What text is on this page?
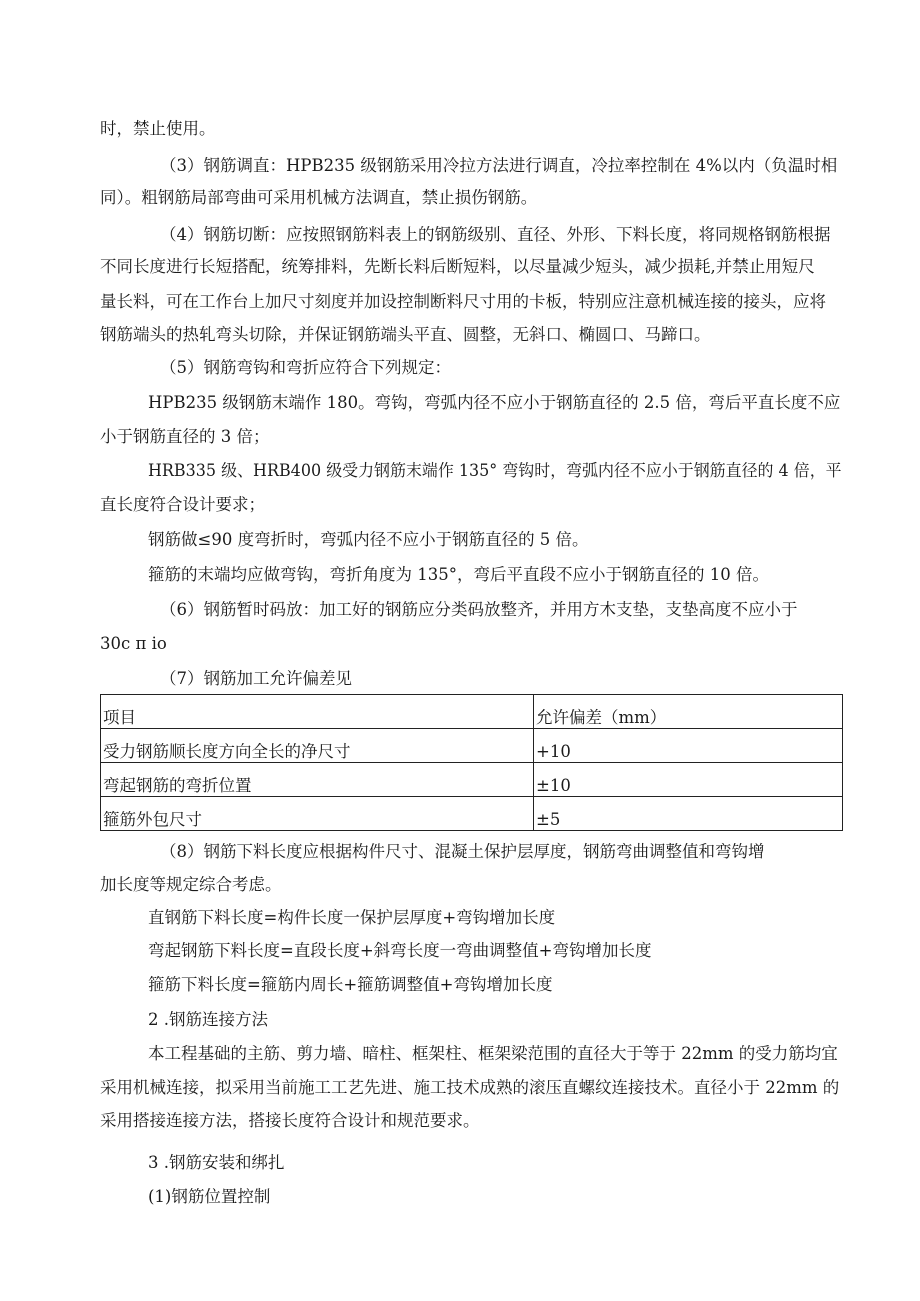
时，禁止使用。
（3）钢筋调直：HPB235 级钢筋采用冷拉方法进行调直，冷拉率控制在 4%以内（负温时相
同）。粗钢筋局部弯曲可采用机械方法调直，禁止损伤钢筋。
（4）钢筋切断：应按照钢筋料表上的钢筋级别、直径、外形、下料长度，将同规格钢筋根据
不同长度进行长短搭配，统筹排料，先断长料后断短料，以尽量减少短头，减少损耗,并禁止用短尺
量长料，可在工作台上加尺寸刻度并加设控制断料尺寸用的卡板，特别应注意机械连接的接头，应将
钢筋端头的热轧弯头切除，并保证钢筋端头平直、圆整，无斜口、椭圆口、马蹄口。
（5）钢筋弯钩和弯折应符合下列规定：
HPB235 级钢筋末端作 180。弯钩，弯弧内径不应小于钢筋直径的 2.5 倍，弯后平直长度不应
小于钢筋直径的 3 倍；
HRB335 级、HRB400 级受力钢筋末端作 135° 弯钩时，弯弧内径不应小于钢筋直径的 4 倍，平
直长度符合设计要求；
钢筋做≤90 度弯折时，弯弧内径不应小于钢筋直径的 5 倍。
箍筋的末端均应做弯钩，弯折角度为 135°，弯后平直段不应小于钢筋直径的 10 倍。
（6）钢筋暂时码放：加工好的钢筋应分类码放整齐，并用方木支垫，支垫高度不应小于
30c π io
（7）钢筋加工允许偏差见
项目	允许偏差（mm）
受力钢筋顺长度方向全长的净尺寸	+10
弯起钢筋的弯折位置	±10
箍筋外包尺寸	±5
（8）钢筋下料长度应根据构件尺寸、混凝土保护层厚度，钢筋弯曲调整值和弯钩增
加长度等规定综合考虑。
直钢筋下料长度=构件长度一保护层厚度+弯钩增加长度
弯起钢筋下料长度=直段长度+斜弯长度一弯曲调整值+弯钩增加长度
箍筋下料长度=箍筋内周长+箍筋调整值+弯钩增加长度
2 .钢筋连接方法
本工程基础的主筋、剪力墙、暗柱、框架柱、框架梁范围的直径大于等于 22mm 的受力筋均宜
采用机械连接，拟采用当前施工工艺先进、施工技术成熟的滚压直螺纹连接技术。直径小于 22mm 的
采用搭接连接方法，搭接长度符合设计和规范要求。
3 .钢筋安装和绑扎
(1)钢筋位置控制
